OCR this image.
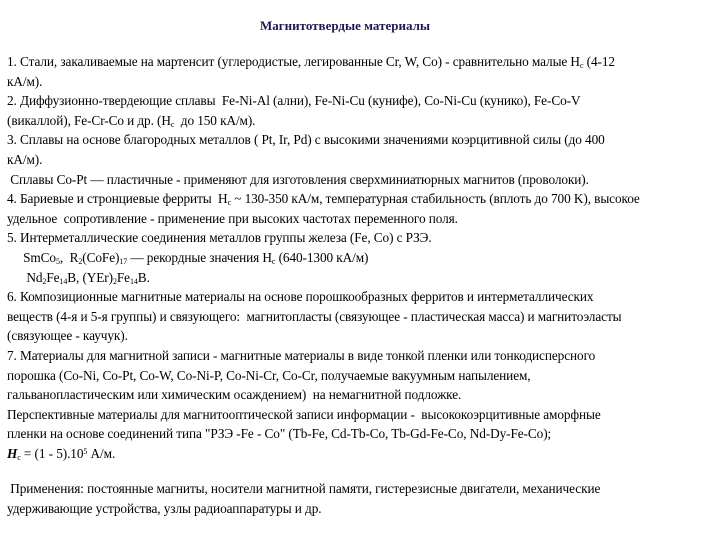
Магнитотвердые материалы
1. Стали, закаливаемые на мартенсит (углеродистые, легированные Cr, W, Co) - сравнительно малые $H_c$ (4-12
кА/м).
2. Диффузионно-твердеющие сплавы  Fe-Ni-Al (ални), Fe-Ni-Cu (кунифе), Co-Ni-Cu (кунико), Fe-Co-V
(викаллой), Fe-Cr-Co и др. ($H_c$  до 150 кА/м).
3. Сплавы на основе благородных металлов ( Pt, Ir, Pd) с высокими значениями коэрцитивной силы (до 400
кА/м).
Сплавы Co-Pt — пластичные - применяют для изготовления сверхминиатюрных магнитов (проволоки).
4. Бариевые и стронциевые ферриты  $H_c$ ~ 130-350 кА/м, температурная стабильность (вплоть до 700 K), высокое
удельное  сопротивление - применение при высоких частотах переменного поля.
5. Интерметаллические соединения металлов группы железа (Fe, Co) с РЗЭ.
SmCo$_5$,  $R_2(CoFe)_{17}$ — рекордные значения $H_c$ (640-1300 кА/м)
$Nd_2Fe_{14}B$, $(YEr)_2Fe_{14}B$.
6. Композиционные магнитные материалы на основе порошкообразных ферритов и интерметаллических
веществ (4-я и 5-я группы) и связующего:  магнитопласты (связующее - пластическая масса) и магнитоэласты
(связующее - каучук).
7. Материалы для магнитной записи - магнитные материалы в виде тонкой пленки или тонкодисперсного
порошка (Co-Ni, Co-Pt, Co-W, Co-Ni-P, Co-Ni-Cr, Co-Cr, получаемые вакуумным напылением,
гальванопластическим или химическим осаждением)  на немагнитной подложке.
Перспективные материалы для магнитооптической записи информации -  высококоэрцитивные аморфные
пленки на основе соединений типа "РЗЭ -Fe - Co" (Tb-Fe, Cd-Tb-Co, Tb-Gd-Fe-Co, Nd-Dy-Fe-Co);
$H_c = (1 - 5).10^5$ А/м.
Применения: постоянные магниты, носители магнитной памяти, гистерезисные двигатели, механические
удерживающие устройства, узлы радиоаппаратуры и др.
